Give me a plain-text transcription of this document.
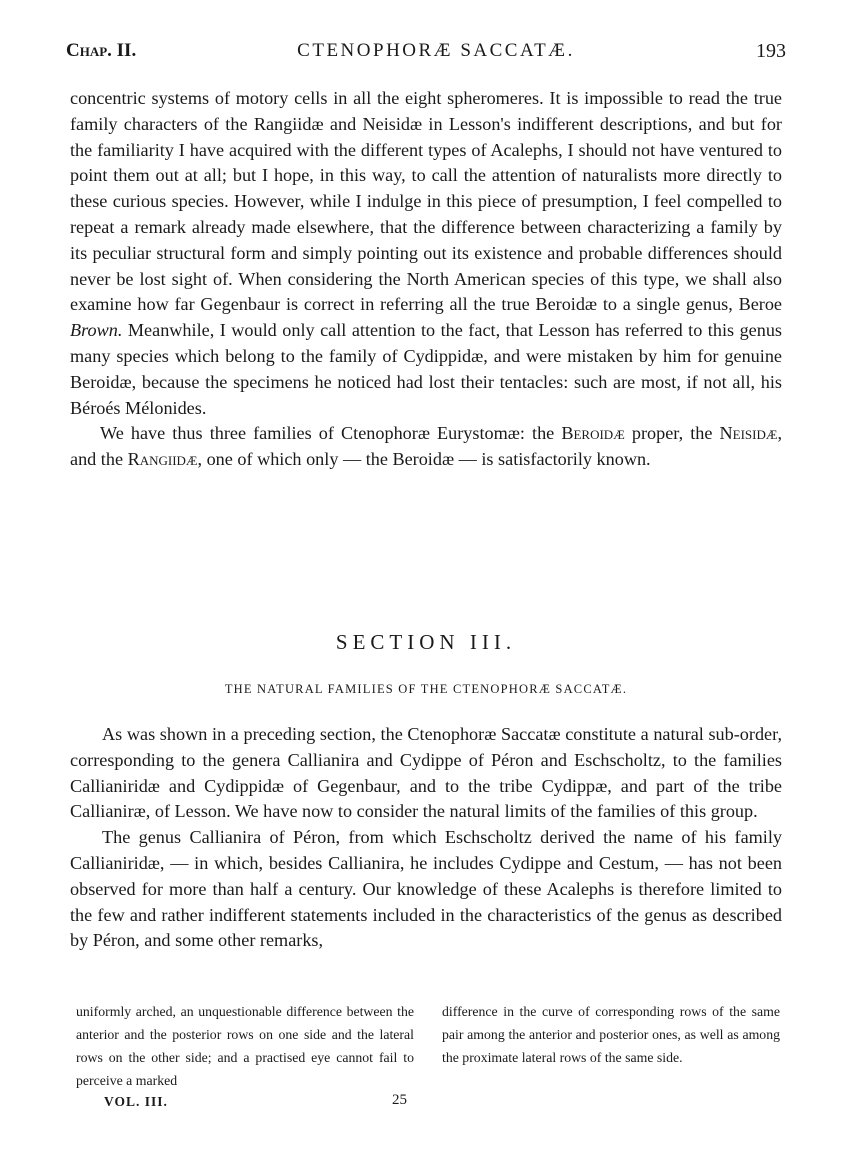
Chap. II.	CTENOPHORÆ SACCATÆ.	193

concentric systems of motory cells in all the eight spheromeres. It is impossible to read the true family characters of the Rangiidæ and Neisidæ in Lesson's indifferent descriptions, and but for the familiarity I have acquired with the different types of Acalephs, I should not have ventured to point them out at all; but I hope, in this way, to call the attention of naturalists more directly to these curious species. However, while I indulge in this piece of presumption, I feel compelled to repeat a remark already made elsewhere, that the difference between characterizing a family by its peculiar structural form and simply pointing out its existence and probable differences should never be lost sight of. When considering the North American species of this type, we shall also examine how far Gegenbaur is correct in referring all the true Beroidæ to a single genus, Beroe Brown. Meanwhile, I would only call attention to the fact, that Lesson has referred to this genus many species which belong to the family of Cydippidæ, and were mistaken by him for genuine Beroidæ, because the specimens he noticed had lost their tentacles: such are most, if not all, his Béroés Mélonides.

We have thus three families of Ctenophoræ Eurystomæ: the Beroidæ proper, the Neisidæ, and the Rangiidæ, one of which only — the Beroidæ — is satisfactorily known.

SECTION III.
THE NATURAL FAMILIES OF THE CTENOPHORÆ SACCATÆ.

As was shown in a preceding section, the Ctenophoræ Saccatæ constitute a natural sub-order, corresponding to the genera Callianira and Cydippe of Péron and Eschscholtz, to the families Callianiridæ and Cydippidæ of Gegenbaur, and to the tribe Cydippæ, and part of the tribe Callianiræ, of Lesson. We have now to consider the natural limits of the families of this group.

The genus Callianira of Péron, from which Eschscholtz derived the name of his family Callianiridæ, — in which, besides Callianira, he includes Cydippe and Cestum, — has not been observed for more than half a century. Our knowledge of these Acalephs is therefore limited to the few and rather indifferent statements included in the characteristics of the genus as described by Péron, and some other remarks,

uniformly arched, an unquestionable difference between the anterior and the posterior rows on one side and the lateral rows on the other side; and a practised eye cannot fail to perceive a marked
difference in the curve of corresponding rows of the same pair among the anterior and posterior ones, as well as among the proximate lateral rows of the same side.
VOL. III.	25
